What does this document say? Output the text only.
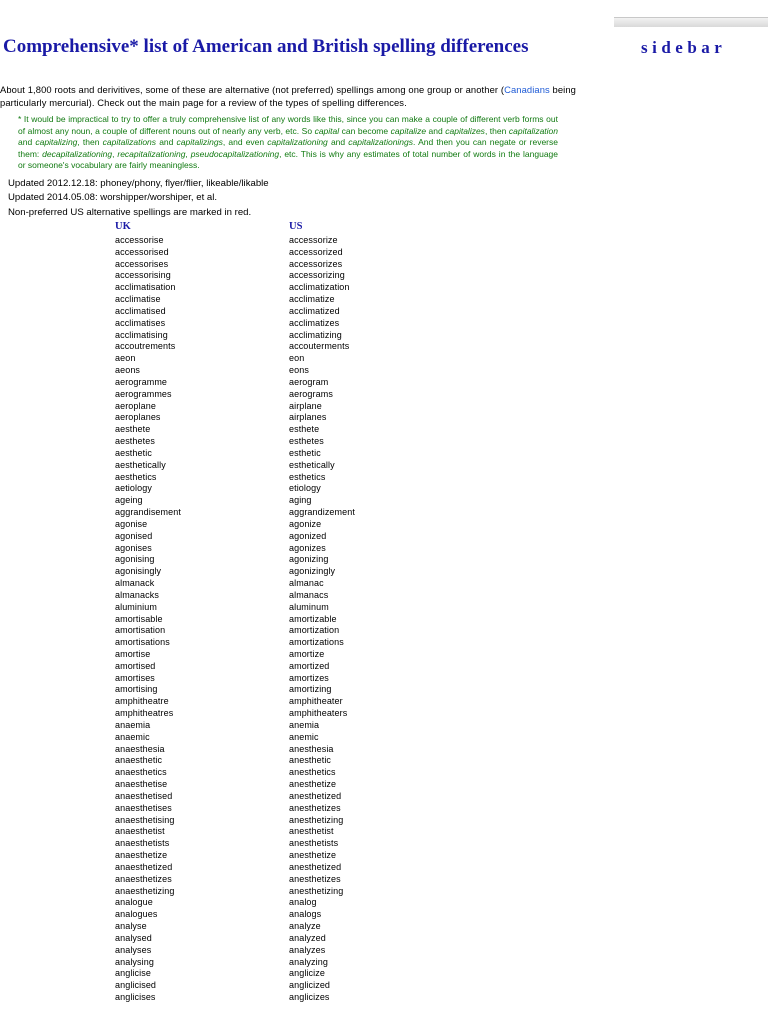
Comprehensive* list of American and British spelling differences

About 1,800 roots and derivitives, some of these are alternative (not preferred) spellings among one group or another (Canadians being particularly mercurial). Check out the main page for a review of the types of spelling differences.

* It would be impractical to try to offer a truly comprehensive list of any words like this, since you can make a couple of different verb forms out of almost any noun, a couple of different nouns out of nearly any verb, etc. So capital can become capitalize and capitalizes, then capitalization and capitalizing, then capitalizations and capitalizings, and even capitalizationing and capitalizationings. And then you can negate or reverse them: decapitalizationing, recapitalizationing, pseudocapitalizationing, etc. This is why any estimates of total number of words in the language or someone's vocabulary are fairly meaningless.

Updated 2012.12.18: phoney/phony, flyer/flier, likeable/likable

Updated 2014.05.08: worshipper/worshiper, et al.

Non-preferred US alternative spellings are marked in red.

UK	US
accessorise
accessorised
accessorises
accessorising
acclimatisation
acclimatise
acclimatised
acclimatises
acclimatising
accoutrements
aeon
aeons
aerogramme
aerogrammes
aeroplane
aeroplanes
aesthete
aesthetes
aesthetic
aesthetically
aesthetics
aetiology
ageing
aggrandisement
agonise
agonised
agonises
agonising
agonisingly
almanack
almanacks
aluminium
amortisable
amortisation
amortisations
amortise
amortised
amortises
amortising
amphitheatre
amphitheatres
anaemia
anaemic
anaesthesia
anaesthetic
anaesthetics
anaesthetise
anaesthetised
anaesthetises
anaesthetising
anaesthetist
anaesthetists
anaesthetize
anaesthetized
anaesthetizes
anaesthetizing
analogue
analogues
analyse
analysed
analyses
analysing
anglicise
anglicised
anglicises
accessorize
accessorized
accessorizes
accessorizing
acclimatization
acclimatize
acclimatized
acclimatizes
acclimatizing
accouterments
eon
eons
aerogram
aerograms
airplane
airplanes
esthete
esthetes
esthetic
esthetically
esthetics
etiology
aging
aggrandizement
agonize
agonized
agonizes
agonizing
agonizingly
almanac
almanacs
aluminum
amortizable
amortization
amortizations
amortize
amortized
amortizes
amortizing
amphitheater
amphitheaters
anemia
anemic
anesthesia
anesthetic
anesthetics
anesthetize
anesthetized
anesthetizes
anesthetizing
anesthetist
anesthetists
anesthetize
anesthetized
anesthetizes
anesthetizing
analog
analogs
analyze
analyzed
analyzes
analyzing
anglicize
anglicized
anglicizes
sidebar
